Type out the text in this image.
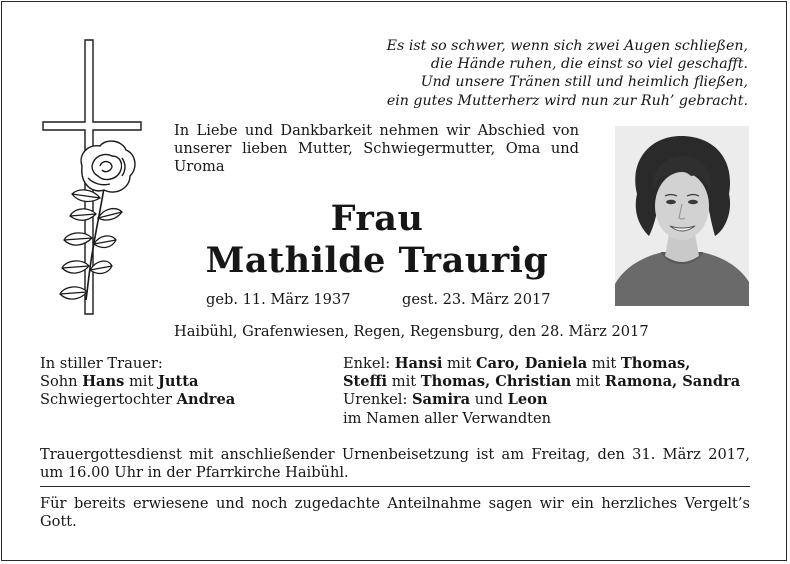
Es ist so schwer, wenn sich zwei Augen schließen,
die Hände ruhen, die einst so viel geschafft.
Und unsere Tränen still und heimlich fließen,
ein gutes Mutterherz wird nun zur Ruh’ gebracht.
In Liebe und Dankbarkeit nehmen wir Abschied von unserer lieben Mutter, Schwiegermutter, Oma und Uroma
Frau
Mathilde Traurig
geb. 11. März 1937	gest. 23. März 2017
Haibühl, Grafenwiesen, Regen, Regensburg, den 28. März 2017
In stiller Trauer:
Sohn Hans mit Jutta
Schwiegertochter Andrea
Enkel: Hansi mit Caro, Daniela mit Thomas,
Steffi mit Thomas, Christian mit Ramona, Sandra
Urenkel: Samira und Leon
im Namen aller Verwandten
Trauergottesdienst mit anschließender Urnenbeisetzung ist am Freitag, den 31. März 2017, um 16.00 Uhr in der Pfarrkirche Haibühl.
Für bereits erwiesene und noch zugedachte Anteilnahme sagen wir ein herzliches Vergelt’s Gott.
